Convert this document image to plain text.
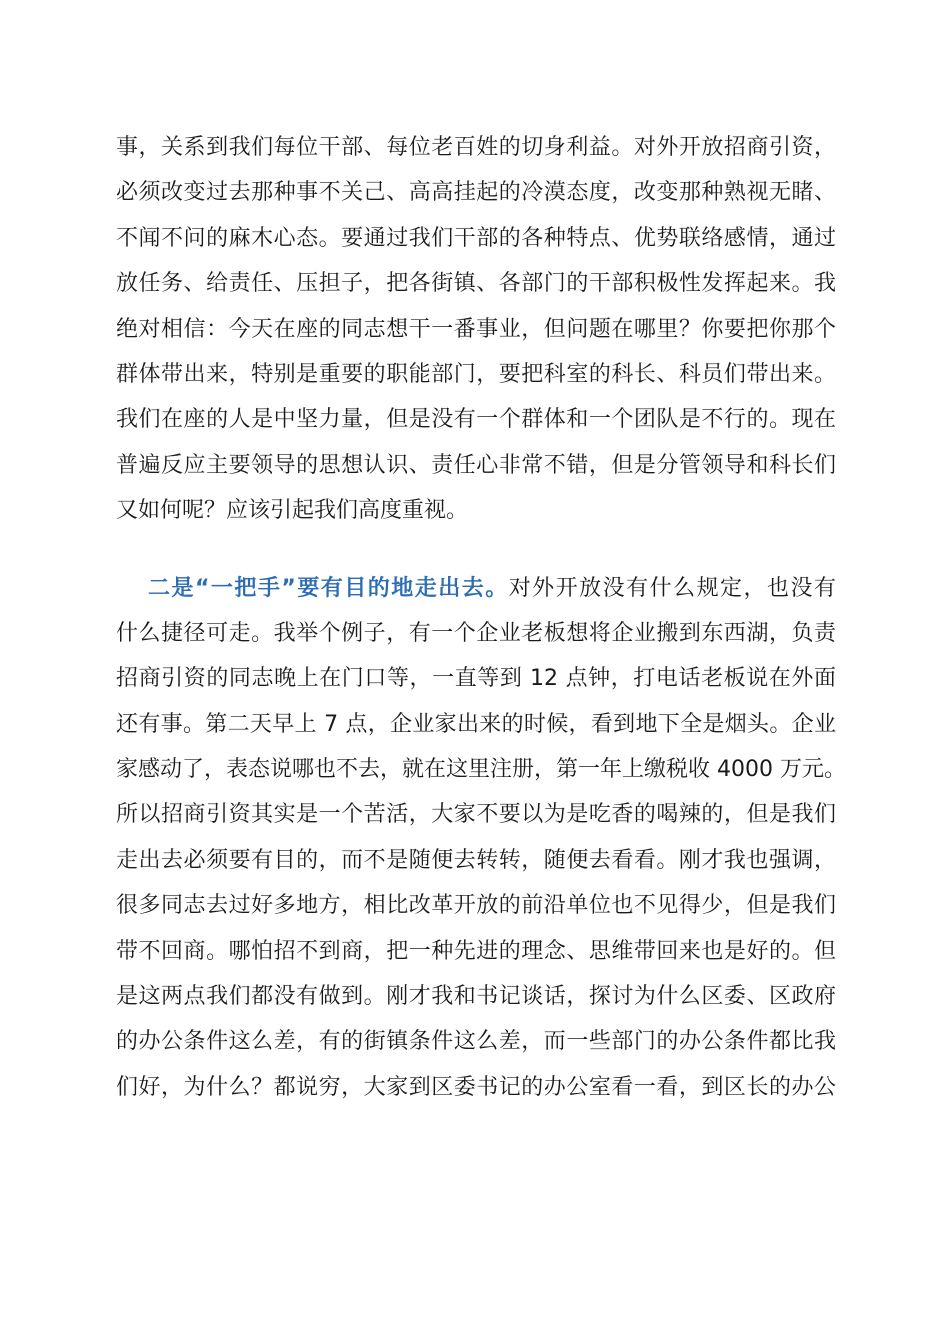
事，关系到我们每位干部、每位老百姓的切身利益。对外开放招商引资，
必须改变过去那种事不关己、高高挂起的冷漠态度，改变那种熟视无睹、
不闻不问的麻木心态。要通过我们干部的各种特点、优势联络感情，通过
放任务、给责任、压担子，把各街镇、各部门的干部积极性发挥起来。我
绝对相信：今天在座的同志想干一番事业，但问题在哪里？你要把你那个
群体带出来，特别是重要的职能部门，要把科室的科长、科员们带出来。
我们在座的人是中坚力量，但是没有一个群体和一个团队是不行的。现在
普遍反应主要领导的思想认识、责任心非常不错，但是分管领导和科长们
又如何呢？应该引起我们高度重视。
二是“一把手”要有目的地走出去。对外开放没有什么规定，也没有
什么捷径可走。我举个例子，有一个企业老板想将企业搬到东西湖，负责
招商引资的同志晚上在门口等，一直等到 12 点钟，打电话老板说在外面
还有事。第二天早上 7 点，企业家出来的时候，看到地下全是烟头。企业
家感动了，表态说哪也不去，就在这里注册，第一年上缴税收 4000 万元。
所以招商引资其实是一个苦活，大家不要以为是吃香的喝辣的，但是我们
走出去必须要有目的，而不是随便去转转，随便去看看。刚才我也强调，
很多同志去过好多地方，相比改革开放的前沿单位也不见得少，但是我们
带不回商。哪怕招不到商，把一种先进的理念、思维带回来也是好的。但
是这两点我们都没有做到。刚才我和书记谈话，探讨为什么区委、区政府
的办公条件这么差，有的街镇条件这么差，而一些部门的办公条件都比我
们好，为什么？都说穷，大家到区委书记的办公室看一看，到区长的办公
